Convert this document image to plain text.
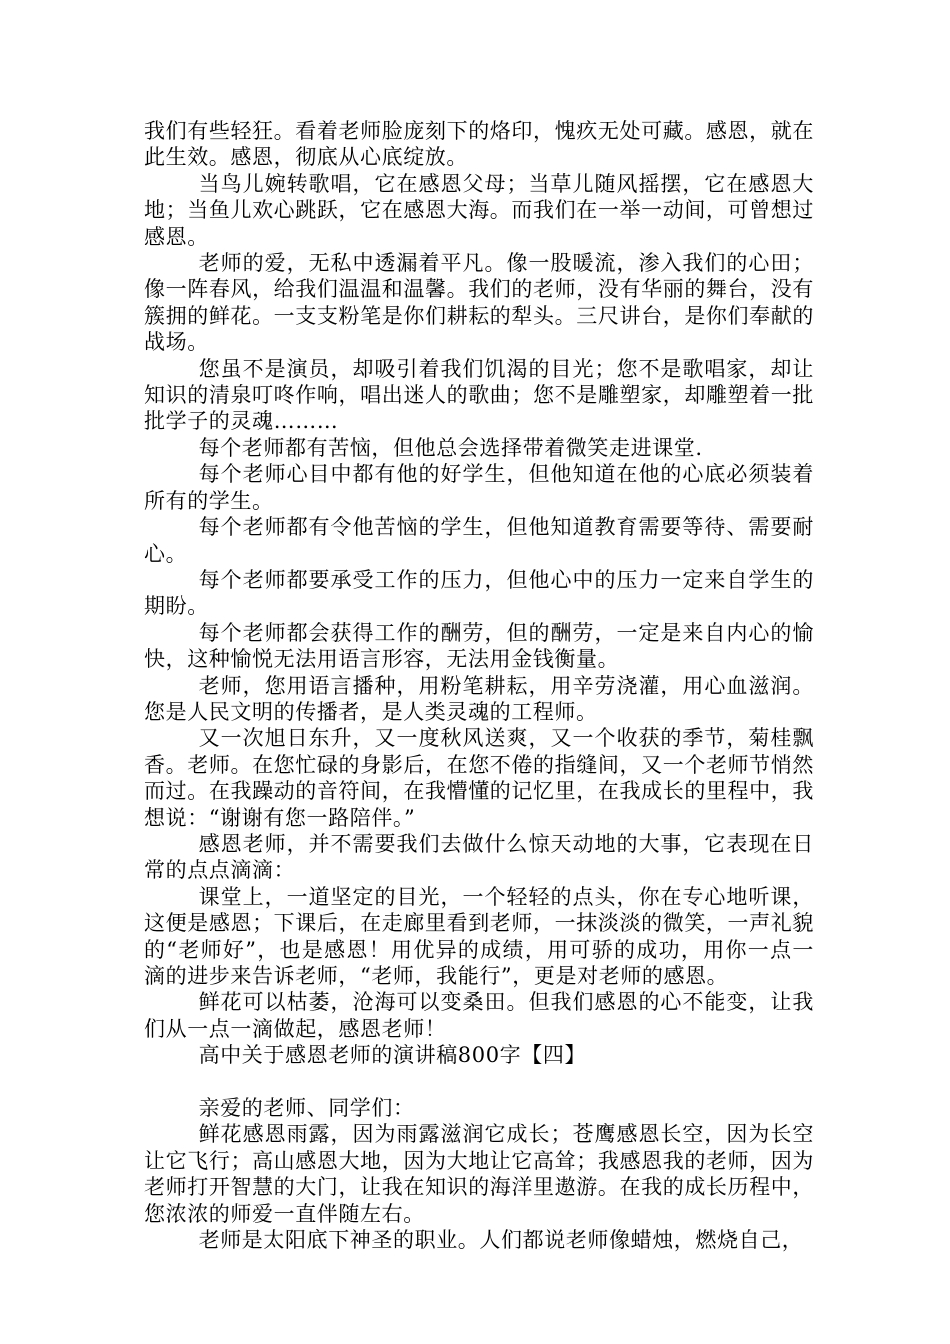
我们有些轻狂。看着老师脸庞刻下的烙印，愧疚无处可藏。感恩，就在此生效。感恩，彻底从心底绽放。

当鸟儿婉转歌唱，它在感恩父母；当草儿随风摇摆，它在感恩大地；当鱼儿欢心跳跃，它在感恩大海。而我们在一举一动间，可曾想过感恩。

老师的爱，无私中透漏着平凡。像一股暖流，渗入我们的心田；像一阵春风，给我们温温和温馨。我们的老师，没有华丽的舞台，没有簇拥的鲜花。一支支粉笔是你们耕耘的犁头。三尺讲台，是你们奉献的战场。

您虽不是演员，却吸引着我们饥渴的目光；您不是歌唱家，却让知识的清泉叮咚作响，唱出迷人的歌曲；您不是雕塑家，却雕塑着一批批学子的灵魂………

每个老师都有苦恼，但他总会选择带着微笑走进课堂.

每个老师心目中都有他的好学生，但他知道在他的心底必须装着所有的学生。

每个老师都有令他苦恼的学生，但他知道教育需要等待、需要耐心。

每个老师都要承受工作的压力，但他心中的压力一定来自学生的期盼。

每个老师都会获得工作的酬劳，但的酬劳，一定是来自内心的愉快，这种愉悦无法用语言形容，无法用金钱衡量。

老师，您用语言播种，用粉笔耕耘，用辛劳浇灌，用心血滋润。您是人民文明的传播者，是人类灵魂的工程师。

又一次旭日东升，又一度秋风送爽，又一个收获的季节，菊桂飘香。老师。在您忙碌的身影后，在您不倦的指缝间，又一个老师节悄然而过。在我躁动的音符间，在我懵懂的记忆里，在我成长的里程中，我想说：“谢谢有您一路陪伴。”

感恩老师，并不需要我们去做什么惊天动地的大事，它表现在日常的点点滴滴：

课堂上，一道坚定的目光，一个轻轻的点头，你在专心地听课，这便是感恩；下课后，在走廊里看到老师，一抹淡淡的微笑，一声礼貌的“老师好”，也是感恩！用优异的成绩，用可骄的成功，用你一点一滴的进步来告诉老师，“老师，我能行”，更是对老师的感恩。

鲜花可以枯萎，沧海可以变桑田。但我们感恩的心不能变，让我们从一点一滴做起，感恩老师！

高中关于感恩老师的演讲稿800字【四】

亲爱的老师、同学们：

鲜花感恩雨露，因为雨露滋润它成长；苍鹰感恩长空，因为长空让它飞行；高山感恩大地，因为大地让它高耸；我感恩我的老师，因为老师打开智慧的大门，让我在知识的海洋里遨游。在我的成长历程中，您浓浓的师爱一直伴随左右。

老师是太阳底下神圣的职业。人们都说老师像蜡烛，燃烧自己，
